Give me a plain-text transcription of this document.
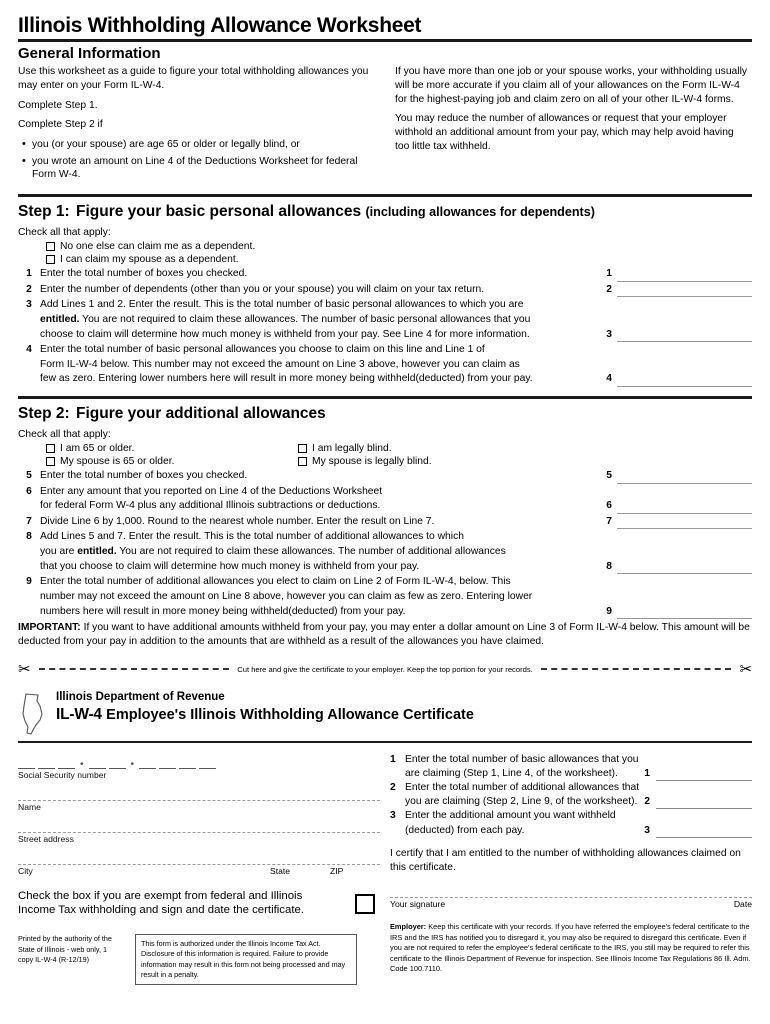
Illinois Withholding Allowance Worksheet
General Information

Use this worksheet as a guide to figure your total withholding allowances you may enter on your Form IL-W-4.

Complete Step 1.

Complete Step 2 if

• you (or your spouse) are age 65 or older or legally blind, or
• you wrote an amount on Line 4 of the Deductions Worksheet for federal Form W-4.

If you have more than one job or your spouse works, your withholding usually will be more accurate if you claim all of your allowances on the Form IL-W-4 for the highest-paying job and claim zero on all of your other IL-W-4 forms.

You may reduce the number of allowances or request that your employer withhold an additional amount from your pay, which may help avoid having too little tax withheld.

Step 1: Figure your basic personal allowances (including allowances for dependents)
Check all that apply:
No one else can claim me as a dependent.
I can claim my spouse as a dependent.
1 Enter the total number of boxes you checked.	1
2 Enter the number of dependents (other than you or your spouse) you will claim on your tax return.	2
3 Add Lines 1 and 2. Enter the result. This is the total number of basic personal allowances to which you are
entitled. You are not required to claim these allowances. The number of basic personal allowances that you
choose to claim will determine how much money is withheld from your pay. See Line 4 for more information.	3
4 Enter the total number of basic personal allowances you choose to claim on this line and Line 1 of
Form IL-W-4 below. This number may not exceed the amount on Line 3 above, however you can claim as
few as zero. Entering lower numbers here will result in more money being withheld(deducted) from your pay.	4
Step 2: Figure your additional allowances
Check all that apply:
I am 65 or older.	I am legally blind.
My spouse is 65 or older.	My spouse is legally blind.
5 Enter the total number of boxes you checked.	5
6 Enter any amount that you reported on Line 4 of the Deductions Worksheet
for federal Form W-4 plus any additional Illinois subtractions or deductions.	6
7 Divide Line 6 by 1,000. Round to the nearest whole number. Enter the result on Line 7.	7
8 Add Lines 5 and 7. Enter the result. This is the total number of additional allowances to which
you are entitled. You are not required to claim these allowances. The number of additional allowances
that you choose to claim will determine how much money is withheld from your pay.	8
9 Enter the total number of additional allowances you elect to claim on Line 2 of Form IL-W-4, below. This
number may not exceed the amount on Line 8 above, however you can claim as few as zero. Entering lower
numbers here will result in more money being withheld(deducted) from your pay.	9
IMPORTANT: If you want to have additional amounts withheld from your pay, you may enter a dollar amount on Line 3 of Form IL-W-4 below. This amount will be deducted from your pay in addition to the amounts that are withheld as a result of the allowances you have claimed.
✂	Cut here and give the certificate to your employer. Keep the top portion for your records.	✂
Illinois Department of Revenue
IL-W-4 Employee's Illinois Withholding Allowance Certificate
•	•
Social Security number
Name
Street address
City	State	ZIP
Check the box if you are exempt from federal and Illinois
Income Tax withholding and sign and date the certificate.
Printed by the authority of the State of Illinois - web only, 1 copy IL-W-4 (R-12/19)
This form is authorized under the Illinois Income Tax Act. Disclosure of this information is required. Failure to provide information may result in this form not being processed and may result in a penalty.
1 Enter the total number of basic allowances that you are claiming (Step 1, Line 4, of the worksheet).	1
2 Enter the total number of additional allowances that you are claiming (Step 2, Line 9, of the worksheet). 2
3 Enter the additional amount you want withheld (deducted) from each pay.	3
I certify that I am entitled to the number of withholding allowances claimed on this certificate.
Your signature	Date
Employer: Keep this certificate with your records. If you have referred the employee's federal certificate to the IRS and the IRS has notified you to disregard it, you may also be required to disregard this certificate. Even if you are not required to refer the employee's federal certificate to the IRS, you still may be required to refer this certificate to the Illinois Department of Revenue for inspection. See Illinois Income Tax Regulations 86 Ill. Adm. Code 100.7110.
